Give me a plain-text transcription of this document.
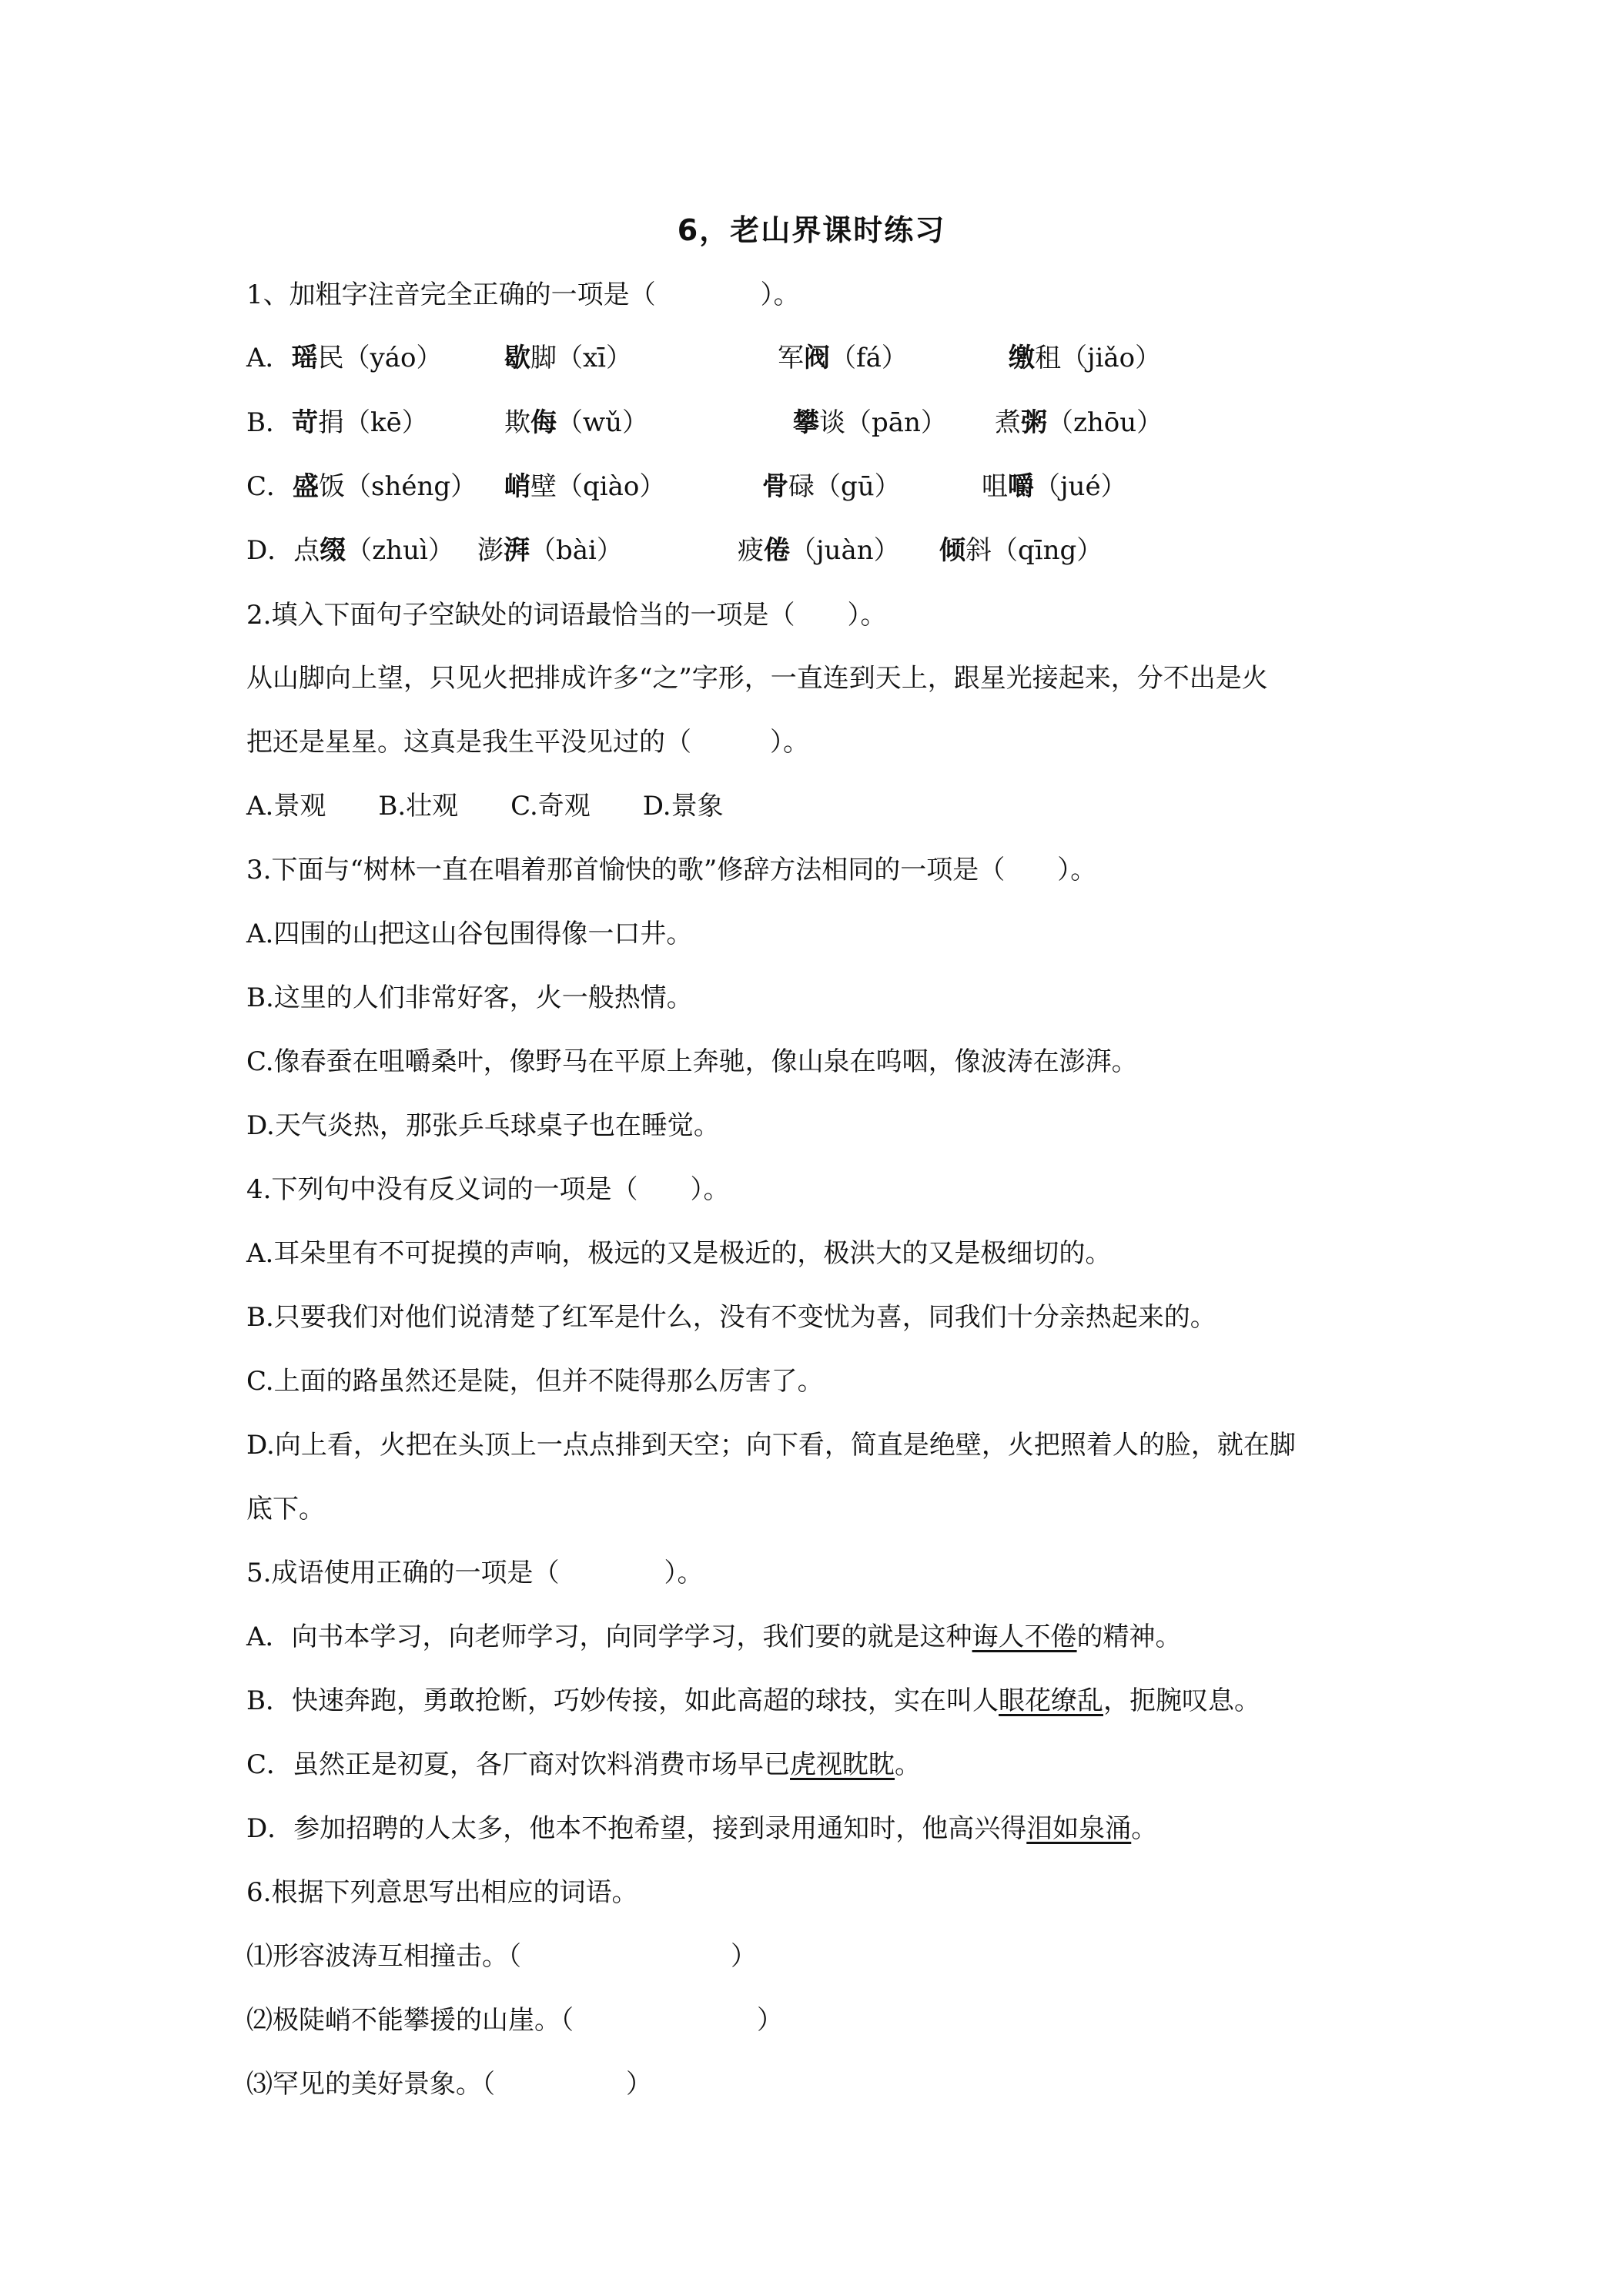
6，老山界课时练习
1、加粗字注音完全正确的一项是（　　　　）。
A．瑶民（yáo） 歇脚（xī）	军阀（fá）	缴租（jiǎo）
B．苛捐（kē）	欺侮（wǔ）	攀谈（pān） 煮粥（zhōu）
C．盛饭（shéng） 峭壁（qiào）	骨碌（gū）	咀嚼（jué）
D．点缀（zhuì） 澎湃（bài）	疲倦（juàn） 倾斜（qīng）
2.填入下面句子空缺处的词语最恰当的一项是（　　）。
从山脚向上望，只见火把排成许多“之”字形，一直连到天上，跟星光接起来，分不出是火
把还是星星。这真是我生平没见过的（　　　）。
A.景观　　B.壮观　　C.奇观　　D.景象
3.下面与“树林一直在唱着那首愉快的歌”修辞方法相同的一项是（　　）。
A.四围的山把这山谷包围得像一口井。
B.这里的人们非常好客，火一般热情。
C.像春蚕在咀嚼桑叶，像野马在平原上奔驰，像山泉在呜咽，像波涛在澎湃。
D.天气炎热，那张乒乓球桌子也在睡觉。
4.下列句中没有反义词的一项是（　　）。
A.耳朵里有不可捉摸的声响，极远的又是极近的，极洪大的又是极细切的。
B.只要我们对他们说清楚了红军是什么，没有不变忧为喜，同我们十分亲热起来的。
C.上面的路虽然还是陡，但并不陡得那么厉害了。
D.向上看，火把在头顶上一点点排到天空；向下看，简直是绝壁，火把照着人的脸，就在脚
底下。
5.成语使用正确的一项是（　　　　）。
A．向书本学习，向老师学习，向同学学习，我们要的就是这种诲人不倦的精神。
B．快速奔跑，勇敢抢断，巧妙传接，如此高超的球技，实在叫人眼花缭乱，扼腕叹息。
C．虽然正是初夏，各厂商对饮料消费市场早已虎视眈眈。
D．参加招聘的人太多，他本不抱希望，接到录用通知时，他高兴得泪如泉涌。
6.根据下列意思写出相应的词语。
⑴形容波涛互相撞击。（　　　　　　　　）
⑵极陡峭不能攀援的山崖。（　　　　　　　）
⑶罕见的美好景象。（　　　　　）
